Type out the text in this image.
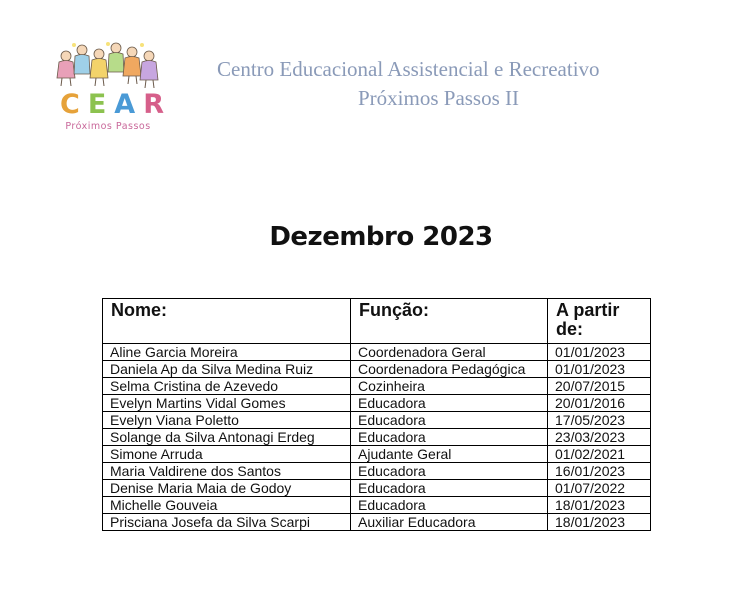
CEAR
Próximos Passos
Centro Educacional Assistencial e Recreativo
Próximos Passos II
Dezembro 2023
Nome:	Função:	A partir de:
Aline Garcia Moreira	Coordenadora Geral	01/01/2023
Daniela Ap da Silva Medina Ruiz	Coordenadora Pedagógica	01/01/2023
Selma Cristina de Azevedo	Cozinheira	20/07/2015
Evelyn Martins Vidal Gomes	Educadora	20/01/2016
Evelyn Viana Poletto	Educadora	17/05/2023
Solange da Silva Antonagi Erdeg	Educadora	23/03/2023
Simone Arruda	Ajudante Geral	01/02/2021
Maria Valdirene dos Santos	Educadora	16/01/2023
Denise Maria Maia de Godoy	Educadora	01/07/2022
Michelle Gouveia	Educadora	18/01/2023
Prisciana Josefa da Silva Scarpi	Auxiliar Educadora	18/01/2023
